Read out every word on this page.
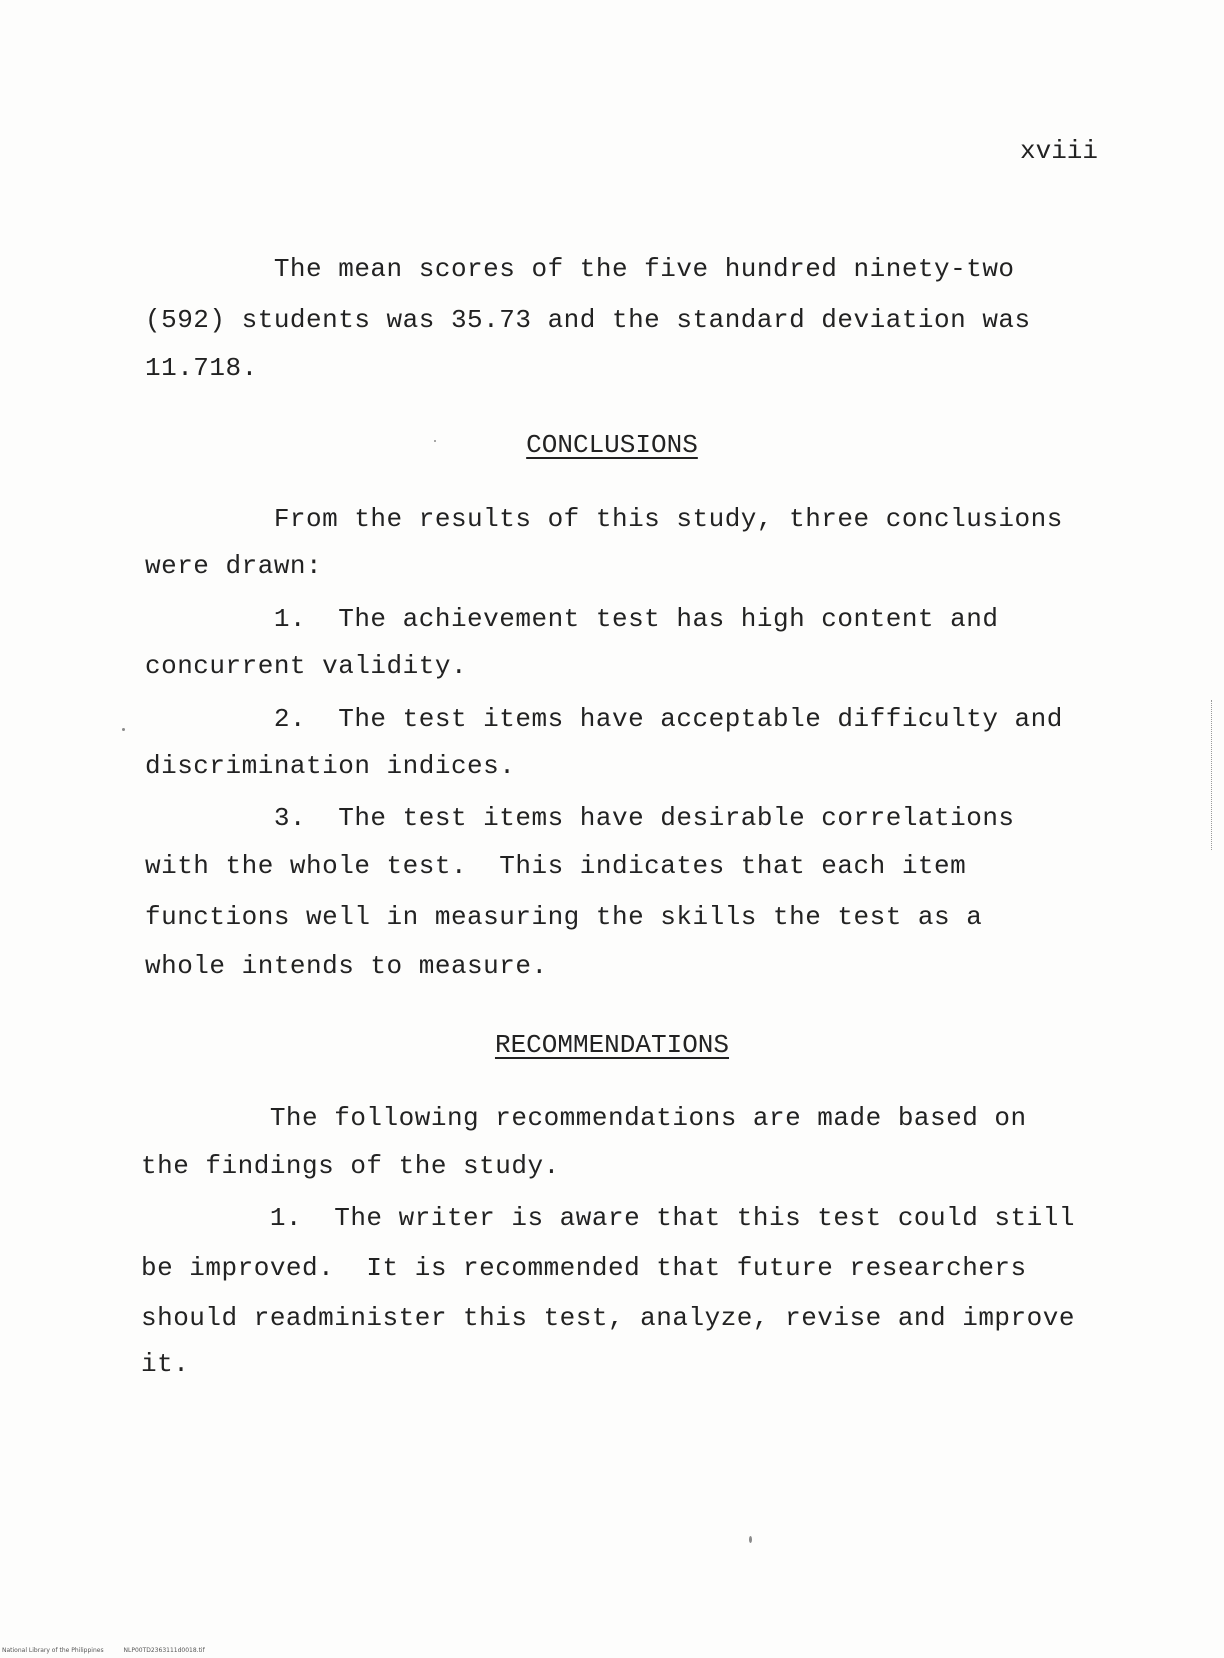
xviii
The mean scores of the five hundred ninety-two
(592) students was 35.73 and the standard deviation was
11.718.
CONCLUSIONS
From the results of this study, three conclusions
were drawn:
1.  The achievement test has high content and
concurrent validity.
2.  The test items have acceptable difficulty and
discrimination indices.
3.  The test items have desirable correlations
with the whole test.  This indicates that each item
functions well in measuring the skills the test as a
whole intends to measure.
RECOMMENDATIONS
The following recommendations are made based on
the findings of the study.
1.  The writer is aware that this test could still
be improved.  It is recommended that future researchers
should readminister this test, analyze, revise and improve
it.
National Library of the Philippines	NLP00TD2363111d0018.tif
